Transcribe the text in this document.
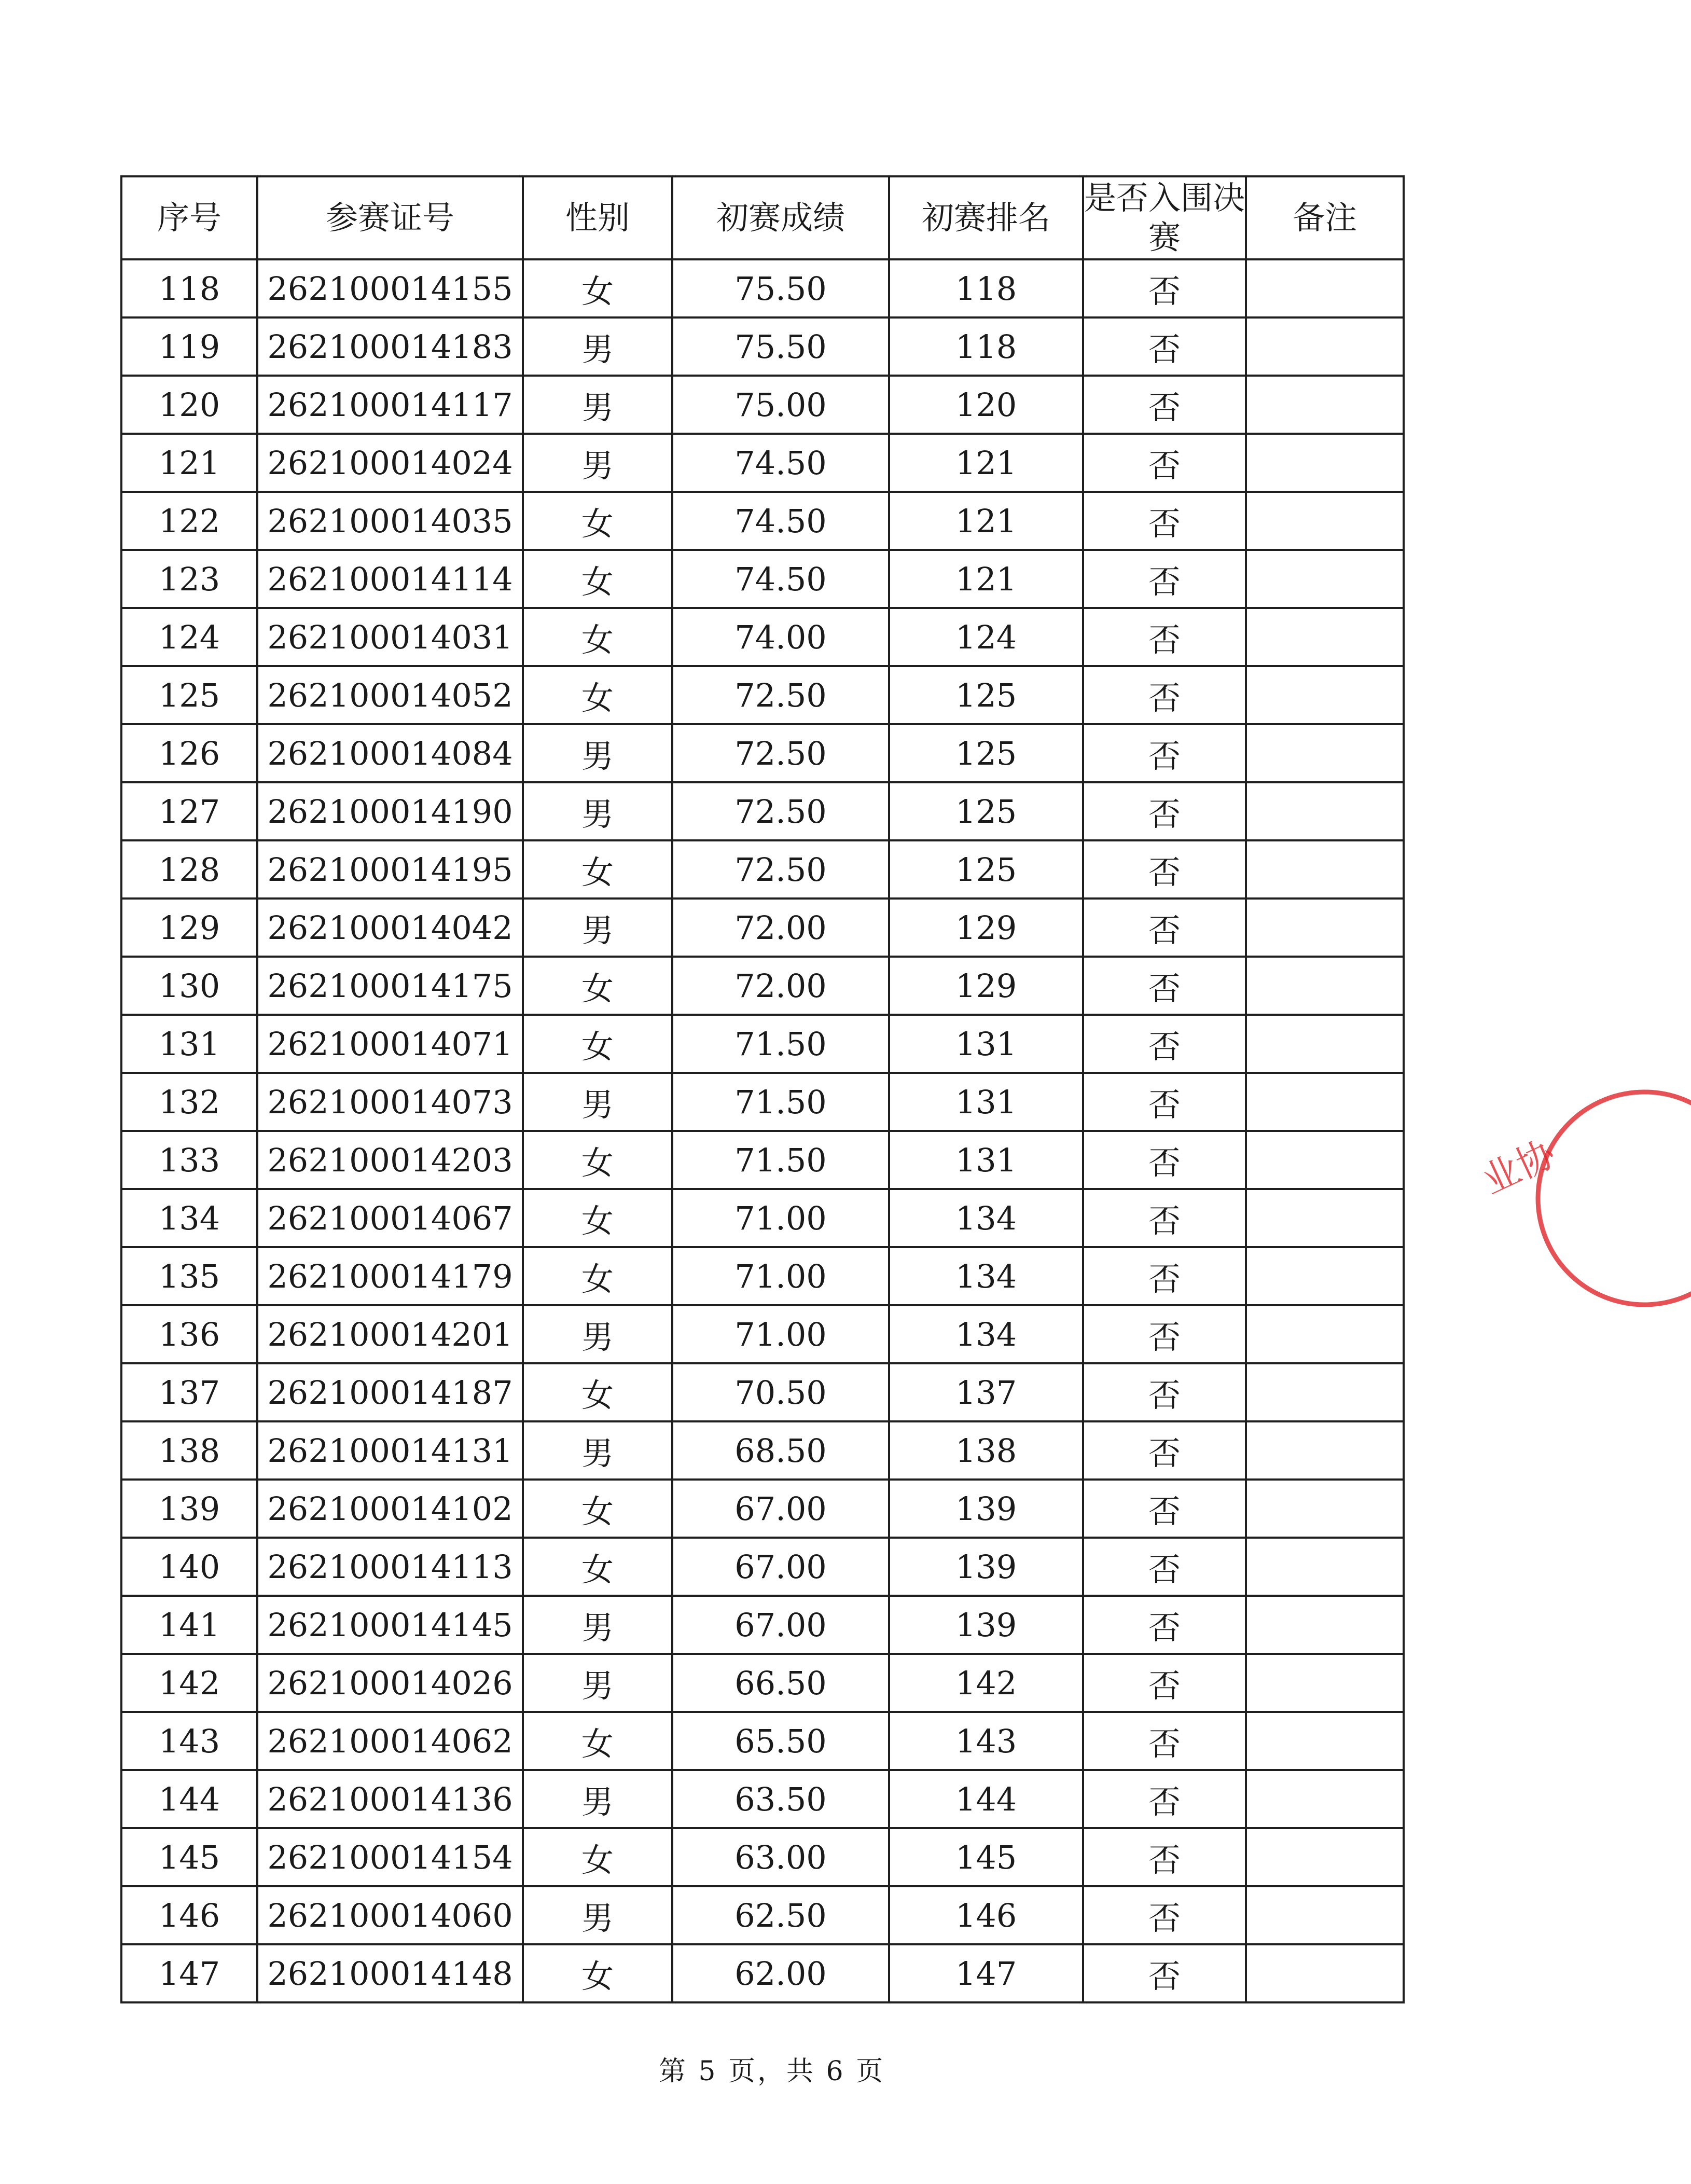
序号	参赛证号	性别	初赛成绩	初赛排名	是否入围决赛	备注
118	262100014155	女	75.50	118	否	
119	262100014183	男	75.50	118	否	
120	262100014117	男	75.00	120	否	
121	262100014024	男	74.50	121	否	
122	262100014035	女	74.50	121	否	
123	262100014114	女	74.50	121	否	
124	262100014031	女	74.00	124	否	
125	262100014052	女	72.50	125	否	
126	262100014084	男	72.50	125	否	
127	262100014190	男	72.50	125	否	
128	262100014195	女	72.50	125	否	
129	262100014042	男	72.00	129	否	
130	262100014175	女	72.00	129	否	
131	262100014071	女	71.50	131	否	
132	262100014073	男	71.50	131	否	
133	262100014203	女	71.50	131	否	
134	262100014067	女	71.00	134	否	
135	262100014179	女	71.00	134	否	
136	262100014201	男	71.00	134	否	
137	262100014187	女	70.50	137	否	
138	262100014131	男	68.50	138	否	
139	262100014102	女	67.00	139	否	
140	262100014113	女	67.00	139	否	
141	262100014145	男	67.00	139	否	
142	262100014026	男	66.50	142	否	
143	262100014062	女	65.50	143	否	
144	262100014136	男	63.50	144	否	
145	262100014154	女	63.00	145	否	
146	262100014060	男	62.50	146	否	
147	262100014148	女	62.00	147	否	
第 5 页，共 6 页
业协
